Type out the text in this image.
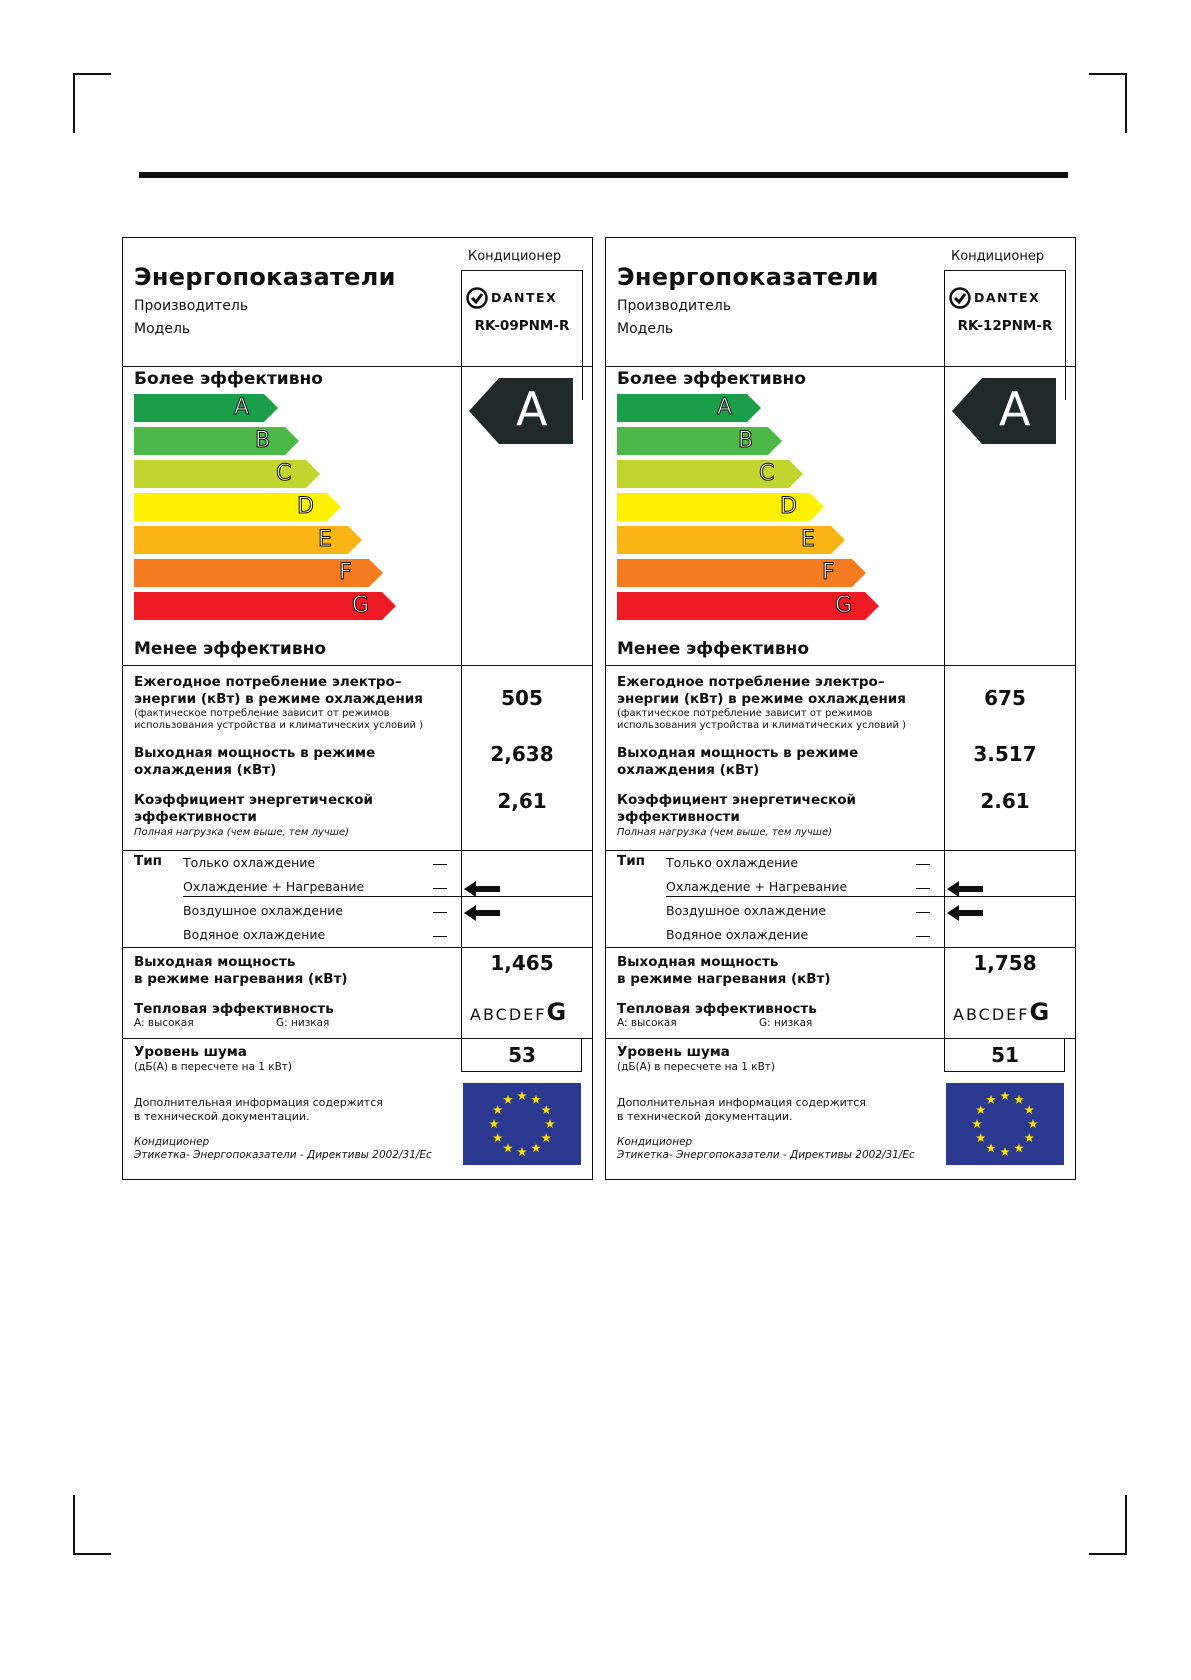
Кондиционер
Энергопоказатели
Производитель
Модель
DANTEX
RK-09PNM-R
Более эффективно
A
B
C
D
E
F
G
Менее эффективно
A
Ежегодное потребление электро–
энергии (кВт) в режиме охлаждения
(фактическое потребление зависит от режимов
использования устройства и климатических условий )
505
Выходная мощность в режиме
охлаждения (кВт)
2,638
Коэффициент энергетической
эффективности
Полная нагрузка (чем выше, тем лучше)
2,61
Тип Только охлаждение
Охлаждение + Нагревание
Воздушное охлаждение
Водяное охлаждение
Выходная мощность
в режиме нагревания (кВт)
1,465
Тепловая эффективность
A: высокая	G: низкая	ABCDEFG
Уровень шума
(дБ(А) в пересчете на 1 кВт)	53
Дополнительная информация содержится
в технической документации.
Кондиционер
Этикетка- Энергопоказатели - Директивы 2002/31/Ec
Кондиционер
Энергопоказатели
Производитель
Модель
DANTEX
RK-12PNM-R
Более эффективно
A
B
C
D
E
F
G
Менее эффективно
A
Ежегодное потребление электро–
энергии (кВт) в режиме охлаждения
(фактическое потребление зависит от режимов
использования устройства и климатических условий )
675
Выходная мощность в режиме
охлаждения (кВт)
3.517
Коэффициент энергетической
эффективности
Полная нагрузка (чем выше, тем лучше)
2.61
Тип Только охлаждение
Охлаждение + Нагревание
Воздушное охлаждение
Водяное охлаждение
Выходная мощность
в режиме нагревания (кВт)
1,758
Тепловая эффективность
A: высокая	G: низкая	ABCDEFG
Уровень шума
(дБ(А) в пересчете на 1 кВт)	51
Дополнительная информация содержится
в технической документации.
Кондиционер
Этикетка- Энергопоказатели - Директивы 2002/31/Ec
